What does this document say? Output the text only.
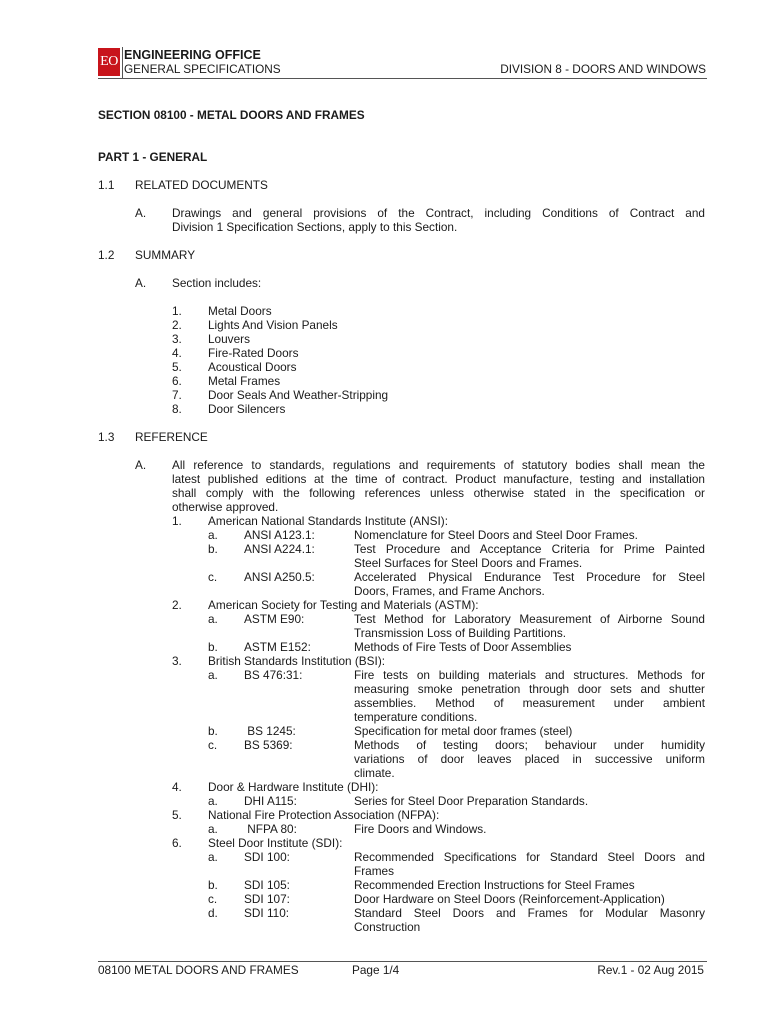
EO ENGINEERING OFFICE
GENERAL SPECIFICATIONS	DIVISION 8 - DOORS AND WINDOWS
SECTION 08100 - METAL DOORS AND FRAMES
PART 1 - GENERAL
1.1 RELATED DOCUMENTS
A. Drawings and general provisions of the Contract, including Conditions of Contract and
Division 1 Specification Sections, apply to this Section.
1.2 SUMMARY
A. Section includes:
1. Metal Doors
2. Lights And Vision Panels
3. Louvers
4. Fire-Rated Doors
5. Acoustical Doors
6. Metal Frames
7. Door Seals And Weather-Stripping
8. Door Silencers
1.3 REFERENCE
A. All reference to standards, regulations and requirements of statutory bodies shall mean the
latest published editions at the time of contract. Product manufacture, testing and installation
shall comply with the following references unless otherwise stated in the specification or
otherwise approved.
1. American National Standards Institute (ANSI):
a. ANSI A123.1:	Nomenclature for Steel Doors and Steel Door Frames.
b. ANSI A224.1:	Test Procedure and Acceptance Criteria for Prime Painted
Steel Surfaces for Steel Doors and Frames.
c. ANSI A250.5:	Accelerated Physical Endurance Test Procedure for Steel
Doors, Frames, and Frame Anchors.
2. American Society for Testing and Materials (ASTM):
a. ASTM E90:	Test Method for Laboratory Measurement of Airborne Sound
Transmission Loss of Building Partitions.
b. ASTM E152:	Methods of Fire Tests of Door Assemblies
3. British Standards Institution (BSI):
a. BS 476:31:	Fire tests on building materials and structures. Methods for
measuring smoke penetration through door sets and shutter
assemblies. Method of measurement under ambient
temperature conditions.
b. BS 1245:	Specification for metal door frames (steel)
c. BS 5369:	Methods of testing doors; behaviour under humidity
variations of door leaves placed in successive uniform
climate.
4. Door & Hardware Institute (DHI):
a. DHI A115:	Series for Steel Door Preparation Standards.
5. National Fire Protection Association (NFPA):
a. NFPA 80:	Fire Doors and Windows.
6. Steel Door Institute (SDI):
a. SDI 100:	Recommended Specifications for Standard Steel Doors and
Frames
b. SDI 105:	Recommended Erection Instructions for Steel Frames
c. SDI 107:	Door Hardware on Steel Doors (Reinforcement-Application)
d. SDI 110:	Standard Steel Doors and Frames for Modular Masonry
Construction
08100 METAL DOORS AND FRAMES	Page 1/4	Rev.1 - 02 Aug 2015
